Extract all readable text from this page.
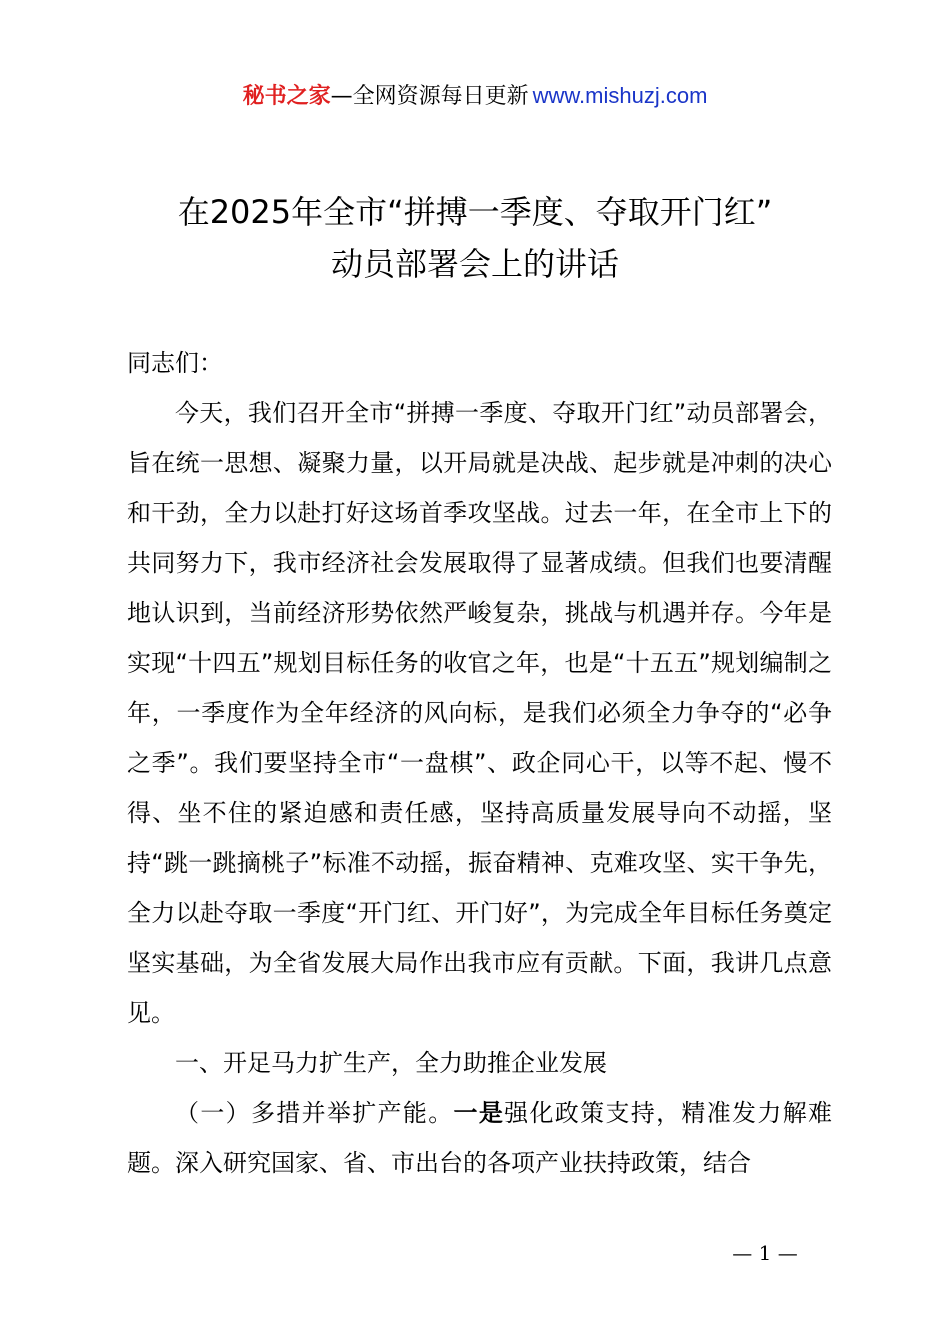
秘书之家—全网资源每日更新 www.mishuzj.com
在2025年全市“拼搏一季度、夺取开门红”
动员部署会上的讲话

同志们：

今天，我们召开全市“拼搏一季度、夺取开门红”动员部署会，旨在统一思想、凝聚力量，以开局就是决战、起步就是冲刺的决心和干劲，全力以赴打好这场首季攻坚战。过去一年，在全市上下的共同努力下，我市经济社会发展取得了显著成绩。但我们也要清醒地认识到，当前经济形势依然严峻复杂，挑战与机遇并存。今年是实现“十四五”规划目标任务的收官之年，也是“十五五”规划编制之年，一季度作为全年经济的风向标，是我们必须全力争夺的“必争之季”。我们要坚持全市“一盘棋”、政企同心干，以等不起、慢不得、坐不住的紧迫感和责任感，坚持高质量发展导向不动摇，坚持“跳一跳摘桃子”标准不动摇，振奋精神、克难攻坚、实干争先，全力以赴夺取一季度“开门红、开门好”，为完成全年目标任务奠定坚实基础，为全省发展大局作出我市应有贡献。下面，我讲几点意见。

一、开足马力扩生产，全力助推企业发展

（一）多措并举扩产能。一是强化政策支持，精准发力解难题。深入研究国家、省、市出台的各项产业扶持政策，结合

— 1 —
